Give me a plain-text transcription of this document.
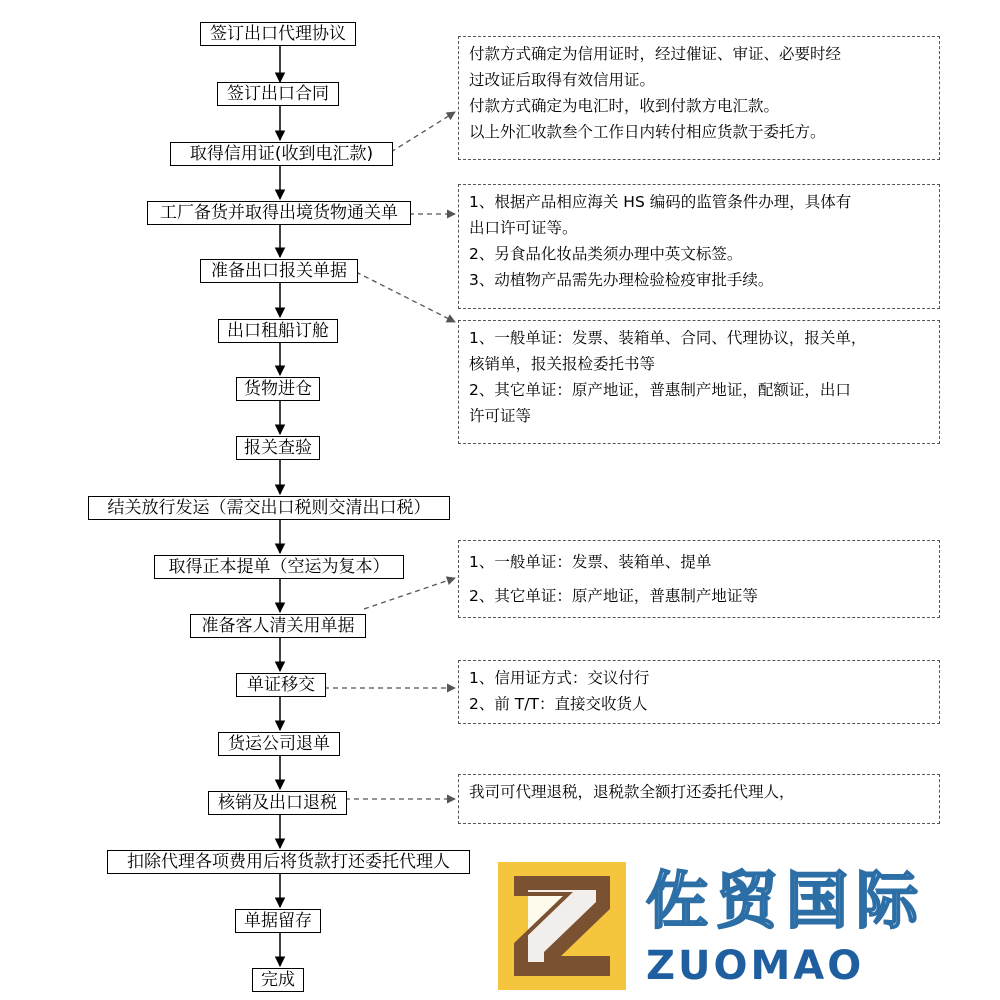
签订出口代理协议
签订出口合同
取得信用证(收到电汇款)
工厂备货并取得出境货物通关单
准备出口报关单据
出口租船订舱
货物进仓
报关查验
结关放行发运（需交出口税则交清出口税）
取得正本提单（空运为复本）
准备客人清关用单据
单证移交
货运公司退单
核销及出口退税
扣除代理各项费用后将货款打还委托代理人
单据留存
完成

付款方式确定为信用证时，经过催证、审证、必要时经

过改证后取得有效信用证。

付款方式确定为电汇时，收到付款方电汇款。

以上外汇收款叁个工作日内转付相应货款于委托方。

1、根据产品相应海关 HS 编码的监管条件办理，具体有

出口许可证等。

2、另食品化妆品类须办理中英文标签。

3、动植物产品需先办理检验检疫审批手续。

1、一般单证：发票、装箱单、合同、代理协议，报关单，

核销单，报关报检委托书等

2、其它单证：原产地证，普惠制产地证，配额证，出口

许可证等

1、一般单证：发票、装箱单、提单

2、其它单证：原产地证，普惠制产地证等

1、信用证方式：交议付行

2、前 T/T：直接交收货人

我司可代理退税，退税款全额打还委托代理人，

佐贸国际
ZUOMAO
